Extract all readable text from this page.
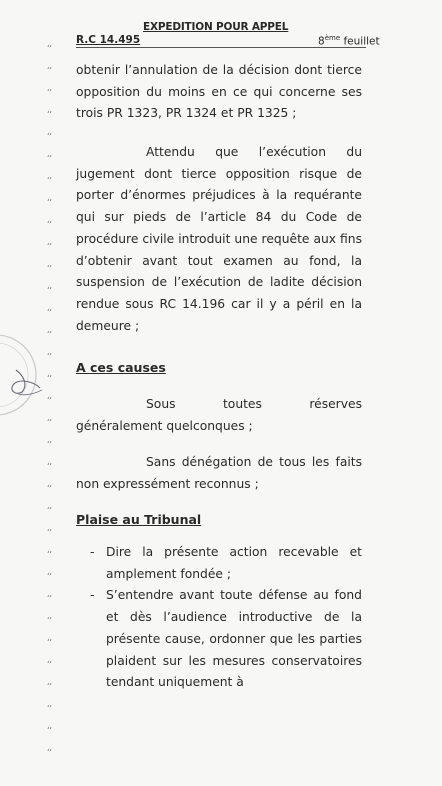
EXPEDITION POUR APPEL
R.C 14.495	8ème feuillet
‘‘
‘‘
‘‘
‘‘
‘‘
‘‘
‘‘
‘‘
‘‘
‘‘
‘‘
‘‘
‘‘
‘‘
‘‘
‘‘
‘‘
‘‘
‘‘
‘‘
‘‘
‘‘
‘‘
‘‘
‘‘
‘‘
‘‘
‘‘
‘‘
‘‘
‘‘
‘‘
‘‘

obtenir l’annulation de la décision dont tierce opposition du moins en ce qui concerne ses trois PR 1323, PR 1324 et PR 1325 ;

Attendu que l’exécution du jugement dont tierce opposition risque de porter d’énormes préjudices à la requérante qui sur pieds de l’article 84 du Code de procédure civile introduit une requête aux fins d’obtenir avant tout examen au fond, la suspension de l’exécution de ladite décision rendue sous RC 14.196 car il y a péril en la demeure ;

A ces causes

Sous toutes réserves généralement quelconques ;

Sans dénégation de tous les faits non expressément reconnus ;

Plaise au Tribunal
- Dire la présente action recevable et amplement fondée ;
- S’entendre avant toute défense au fond et dès l’audience introductive de la présente cause, ordonner que les parties plaident sur les mesures conservatoires tendant uniquement à
